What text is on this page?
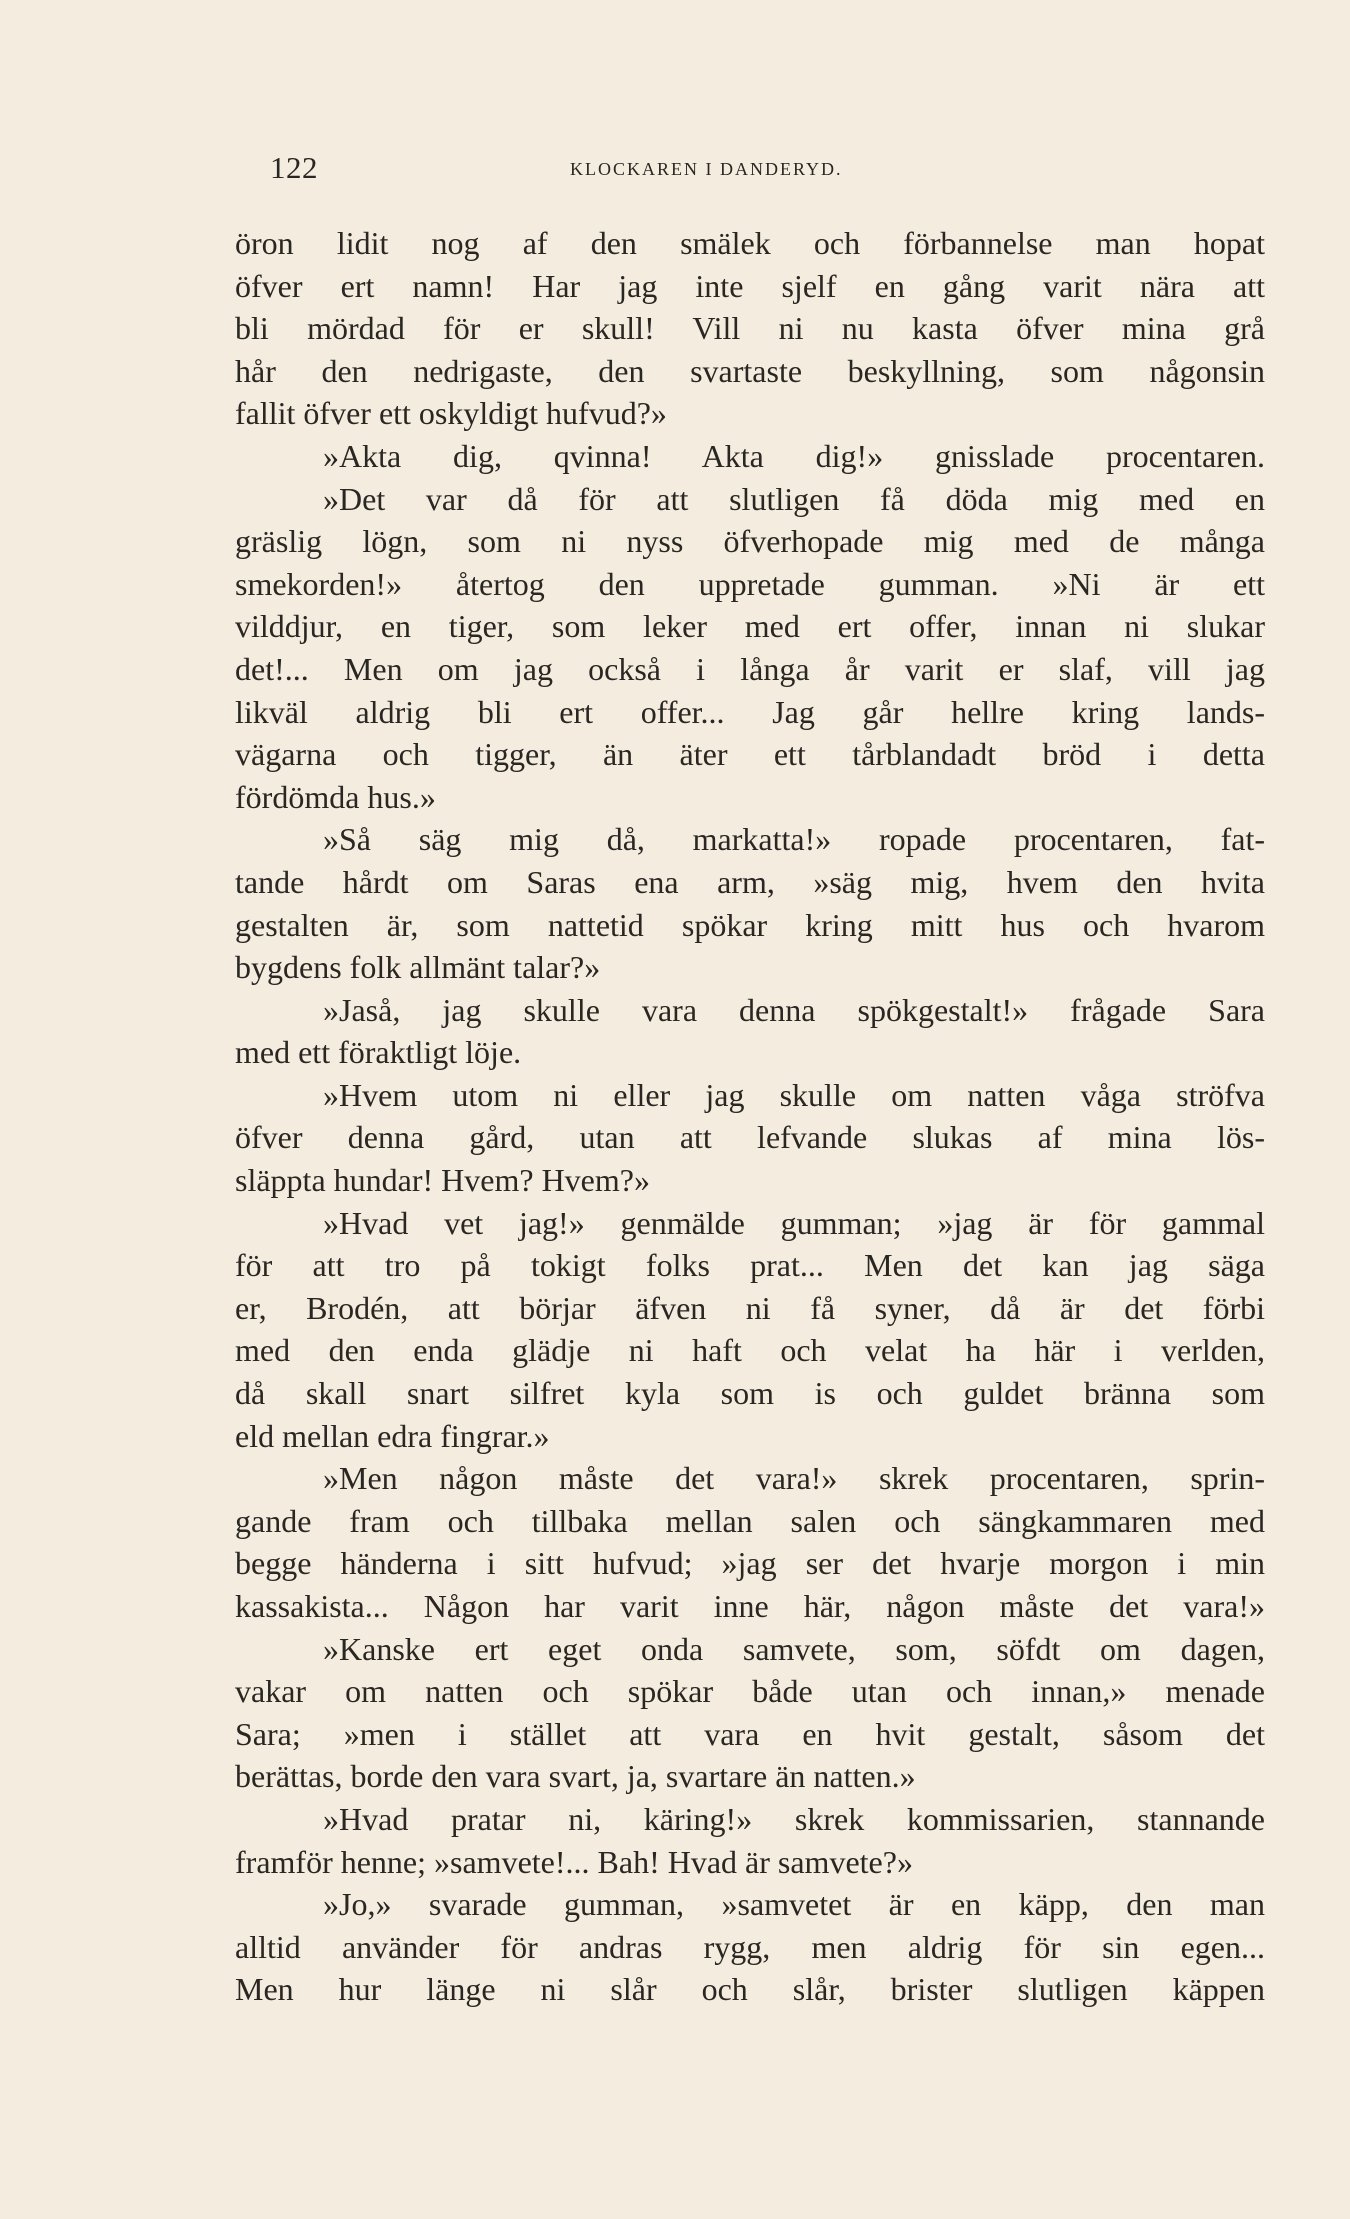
122	KLOCKAREN I DANDERYD.
öron lidit nog af den smälek och förbannelse man hopat
öfver ert namn! Har jag inte sjelf en gång varit nära att
bli mördad för er skull! Vill ni nu kasta öfver mina grå
hår den nedrigaste, den svartaste beskyllning, som någonsin
fallit öfver ett oskyldigt hufvud?»
»Akta dig, qvinna! Akta dig!» gnisslade procentaren.
»Det var då för att slutligen få döda mig med en
gräslig lögn, som ni nyss öfverhopade mig med de många
smekorden!» återtog den uppretade gumman. »Ni är ett
vilddjur, en tiger, som leker med ert offer, innan ni slukar
det!... Men om jag också i långa år varit er slaf, vill jag
likväl aldrig bli ert offer... Jag går hellre kring lands-
vägarna och tigger, än äter ett tårblandadt bröd i detta
fördömda hus.»
»Så säg mig då, markatta!» ropade procentaren, fat-
tande hårdt om Saras ena arm, »säg mig, hvem den hvita
gestalten är, som nattetid spökar kring mitt hus och hvarom
bygdens folk allmänt talar?»
»Jaså, jag skulle vara denna spökgestalt!» frågade Sara
med ett föraktligt löje.
»Hvem utom ni eller jag skulle om natten våga ströfva
öfver denna gård, utan att lefvande slukas af mina lös-
släppta hundar! Hvem? Hvem?»
»Hvad vet jag!» genmälde gumman; »jag är för gammal
för att tro på tokigt folks prat... Men det kan jag säga
er, Brodén, att börjar äfven ni få syner, då är det förbi
med den enda glädje ni haft och velat ha här i verlden,
då skall snart silfret kyla som is och guldet bränna som
eld mellan edra fingrar.»
»Men någon måste det vara!» skrek procentaren, sprin-
gande fram och tillbaka mellan salen och sängkammaren med
begge händerna i sitt hufvud; »jag ser det hvarje morgon i min
kassakista... Någon har varit inne här, någon måste det vara!»
»Kanske ert eget onda samvete, som, söfdt om dagen,
vakar om natten och spökar både utan och innan,» menade
Sara; »men i stället att vara en hvit gestalt, såsom det
berättas, borde den vara svart, ja, svartare än natten.»
»Hvad pratar ni, käring!» skrek kommissarien, stannande
framför henne; »samvete!... Bah! Hvad är samvete?»
»Jo,» svarade gumman, »samvetet är en käpp, den man
alltid använder för andras rygg, men aldrig för sin egen...
Men hur länge ni slår och slår, brister slutligen käppen
